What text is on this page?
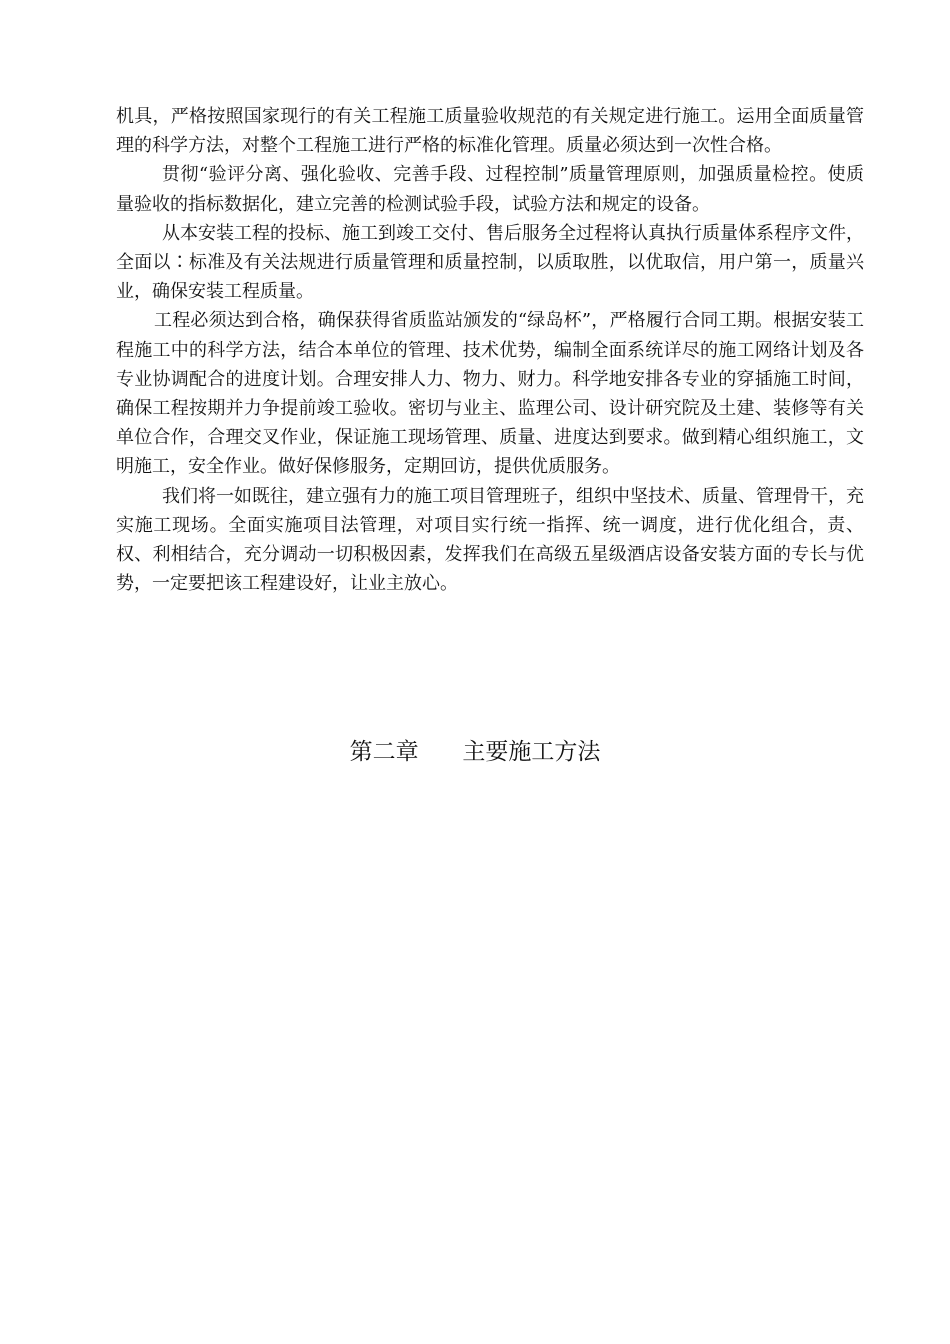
机具，严格按照国家现行的有关工程施工质量验收规范的有关规定进行施工。运用全面质量管理的科学方法，对整个工程施工进行严格的标准化管理。质量必须达到一次性合格。

贯彻“验评分离、强化验收、完善手段、过程控制”质量管理原则，加强质量检控。使质量验收的指标数据化，建立完善的检测试验手段，试验方法和规定的设备。

从本安装工程的投标、施工到竣工交付、售后服务全过程将认真执行质量体系程序文件，全面以∶标准及有关法规进行质量管理和质量控制，以质取胜，以优取信，用户第一，质量兴业，确保安装工程质量。

工程必须达到合格，确保获得省质监站颁发的“绿岛杯”，严格履行合同工期。根据安装工程施工中的科学方法，结合本单位的管理、技术优势，编制全面系统详尽的施工网络计划及各专业协调配合的进度计划。合理安排人力、物力、财力。科学地安排各专业的穿插施工时间，确保工程按期并力争提前竣工验收。密切与业主、监理公司、设计研究院及土建、装修等有关单位合作，合理交叉作业，保证施工现场管理、质量、进度达到要求。做到精心组织施工，文明施工，安全作业。做好保修服务，定期回访，提供优质服务。

我们将一如既往，建立强有力的施工项目管理班子，组织中坚技术、质量、管理骨干，充实施工现场。全面实施项目法管理，对项目实行统一指挥、统一调度，进行优化组合，责、权、利相结合，充分调动一切积极因素，发挥我们在高级五星级酒店设备安装方面的专长与优势，一定要把该工程建设好，让业主放心。

第二章      主要施工方法
